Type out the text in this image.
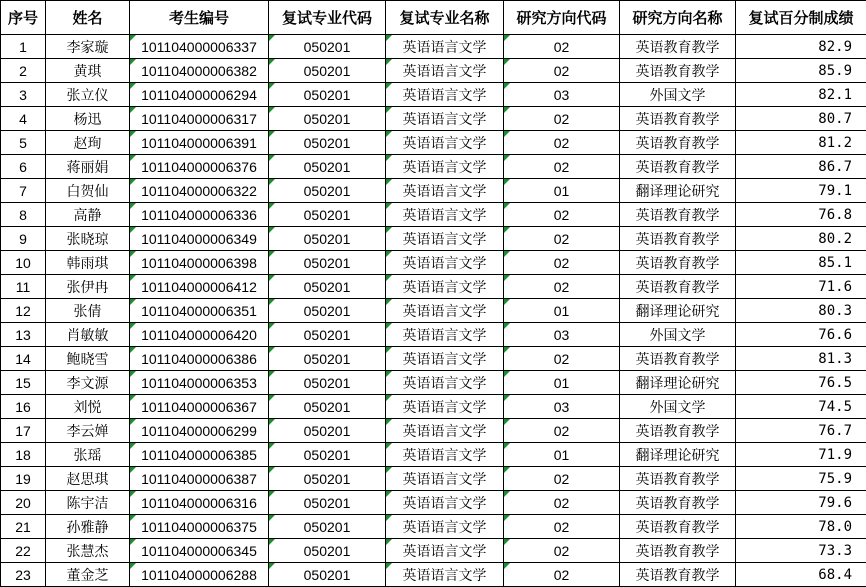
序号	姓名	考生编号	复试专业代码	复试专业名称	研究方向代码	研究方向名称	复试百分制成绩
1	李家璇	101104000006337	050201	英语语言文学	02	英语教育教学	82.9
2	黄琪	101104000006382	050201	英语语言文学	02	英语教育教学	85.9
3	张立仪	101104000006294	050201	英语语言文学	03	外国文学	82.1
4	杨迅	101104000006317	050201	英语语言文学	02	英语教育教学	80.7
5	赵珣	101104000006391	050201	英语语言文学	02	英语教育教学	81.2
6	蒋丽娟	101104000006376	050201	英语语言文学	02	英语教育教学	86.7
7	白贺仙	101104000006322	050201	英语语言文学	01	翻译理论研究	79.1
8	高静	101104000006336	050201	英语语言文学	02	英语教育教学	76.8
9	张晓琼	101104000006349	050201	英语语言文学	02	英语教育教学	80.2
10	韩雨琪	101104000006398	050201	英语语言文学	02	英语教育教学	85.1
11	张伊冉	101104000006412	050201	英语语言文学	02	英语教育教学	71.6
12	张倩	101104000006351	050201	英语语言文学	01	翻译理论研究	80.3
13	肖敏敏	101104000006420	050201	英语语言文学	03	外国文学	76.6
14	鲍晓雪	101104000006386	050201	英语语言文学	02	英语教育教学	81.3
15	李文源	101104000006353	050201	英语语言文学	01	翻译理论研究	76.5
16	刘悦	101104000006367	050201	英语语言文学	03	外国文学	74.5
17	李云婵	101104000006299	050201	英语语言文学	02	英语教育教学	76.7
18	张瑶	101104000006385	050201	英语语言文学	01	翻译理论研究	71.9
19	赵思琪	101104000006387	050201	英语语言文学	02	英语教育教学	75.9
20	陈宇洁	101104000006316	050201	英语语言文学	02	英语教育教学	79.6
21	孙雅静	101104000006375	050201	英语语言文学	02	英语教育教学	78.0
22	张慧杰	101104000006345	050201	英语语言文学	02	英语教育教学	73.3
23	董金芝	101104000006288	050201	英语语言文学	02	英语教育教学	68.4
